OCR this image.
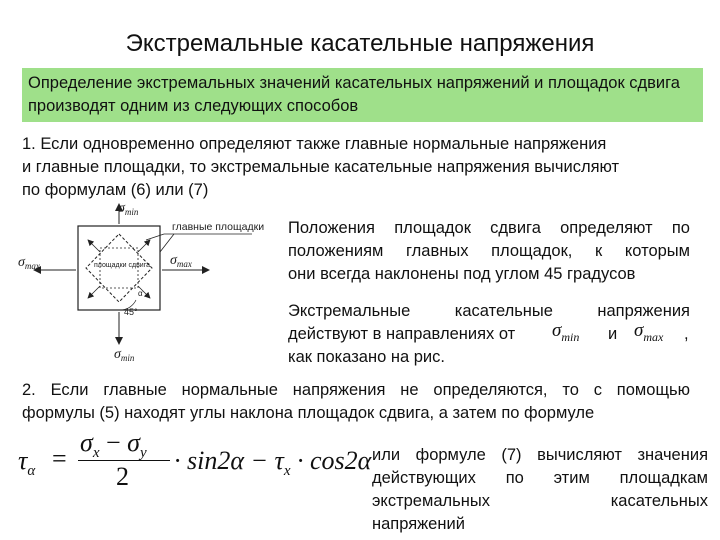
Экстремальные касательные напряжения
Определение экстремальных значений касательных напряжений и площадок сдвига производят одним из следующих способов
1. Если одновременно определяют также главные нормальные напряжения
и главные площадки, то экстремальные касательные напряжения вычисляют
по формулам (6) или (7)
главные площадки
площадки сдвига
45°
α
$\sigma_{min}$
$\sigma_{min}$
$\sigma_{max}$	$\sigma_{max}$
Положения площадок сдвига определяют по
положениям главных площадок, к которым
они всегда наклонены под углом 45 градусов
Экстремальные касательные напряжения
действуют в направлениях от $\sigma_{min}$ и $\sigma_{max}$ ,
как показано на рис.
2. Если главные нормальные напряжения не определяются, то с помощью
формулы (5) находят углы наклона площадок сдвига, а затем по формуле
$\tau_\alpha$ =
$\sigma_x - \sigma_y$
2
· $\sin 2\alpha - \tau_x \cdot \cos 2\alpha$ или формуле (7) вычисляют значения
действующих по этим площадкам
экстремальных касательных
напряжений
